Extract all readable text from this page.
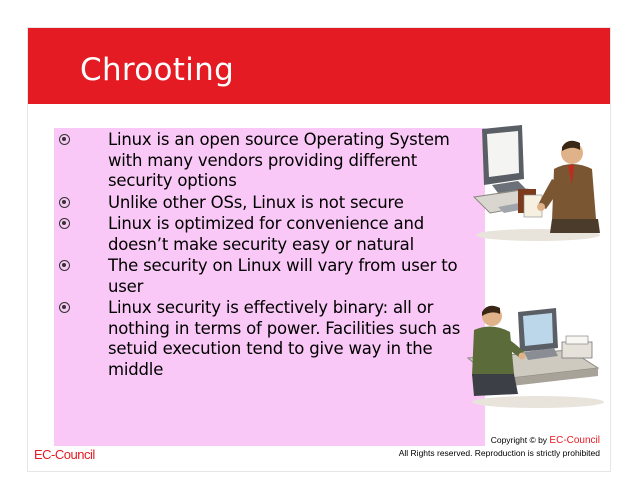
Chrooting
Linux is an open source Operating System with many vendors providing different security options
Unlike other OSs, Linux is not secure
Linux is optimized for convenience and doesn’t make security easy or natural
The security on Linux will vary from user to user
Linux security is effectively binary: all or nothing in terms of power. Facilities such as setuid execution tend to give way in the middle
EC-Council
Copyright © by EC-Council
All Rights reserved. Reproduction is strictly prohibited
